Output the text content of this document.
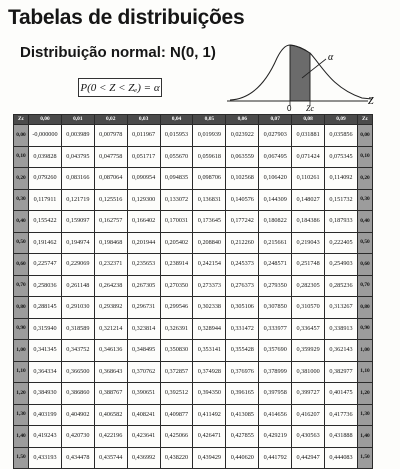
Tabelas de distribuições
Distribuição normal: N(0, 1)
P(0 < Z < Zₑ) = α
α
0 Zc
Z
Zc	0,00	0,01	0,02	0,03	0,04	0,05	0,06	0,07	0,08	0,09	Zc
0,00	-0,000000	0,003989	0,007978	0,011967	0,015953	0,019939	0,023922	0,027903	0,031881	0,035856	0,00
0,10	0,039828	0,043795	0,047758	0,051717	0,055670	0,059618	0,063559	0,067495	0,071424	0,075345	0,10
0,20	0,079260	0,083166	0,087064	0,090954	0,094835	0,098706	0,102568	0,106420	0,110261	0,114092	0,20
0,30	0,117911	0,121719	0,125516	0,129300	0,133072	0,136831	0,140576	0,144309	0,148027	0,151732	0,30
0,40	0,155422	0,159097	0,162757	0,166402	0,170031	0,173645	0,177242	0,180822	0,184386	0,187933	0,40
0,50	0,191462	0,194974	0,198468	0,201944	0,205402	0,208840	0,212260	0,215661	0,219043	0,222405	0,50
0,60	0,225747	0,229069	0,232371	0,235653	0,238914	0,242154	0,245373	0,248571	0,251748	0,254903	0,60
0,70	0,258036	0,261148	0,264238	0,267305	0,270350	0,273373	0,276373	0,279350	0,282305	0,285236	0,70
0,80	0,288145	0,291030	0,293892	0,296731	0,299546	0,302338	0,305106	0,307850	0,310570	0,313267	0,80
0,90	0,315940	0,318589	0,321214	0,323814	0,326391	0,328944	0,331472	0,333977	0,336457	0,338913	0,90
1,00	0,341345	0,343752	0,346136	0,348495	0,350830	0,353141	0,355428	0,357690	0,359929	0,362143	1,00
1,10	0,364334	0,366500	0,368643	0,370762	0,372857	0,374928	0,376976	0,378999	0,381000	0,382977	1,10
1,20	0,384930	0,386860	0,388767	0,390651	0,392512	0,394350	0,396165	0,397958	0,399727	0,401475	1,20
1,30	0,403199	0,404902	0,406582	0,408241	0,409877	0,411492	0,413085	0,414656	0,416207	0,417736	1,30
1,40	0,419243	0,420730	0,422196	0,423641	0,425066	0,426471	0,427855	0,429219	0,430563	0,431888	1,40
1,50	0,433193	0,434478	0,435744	0,436992	0,438220	0,439429	0,440620	0,441792	0,442947	0,444083	1,50
